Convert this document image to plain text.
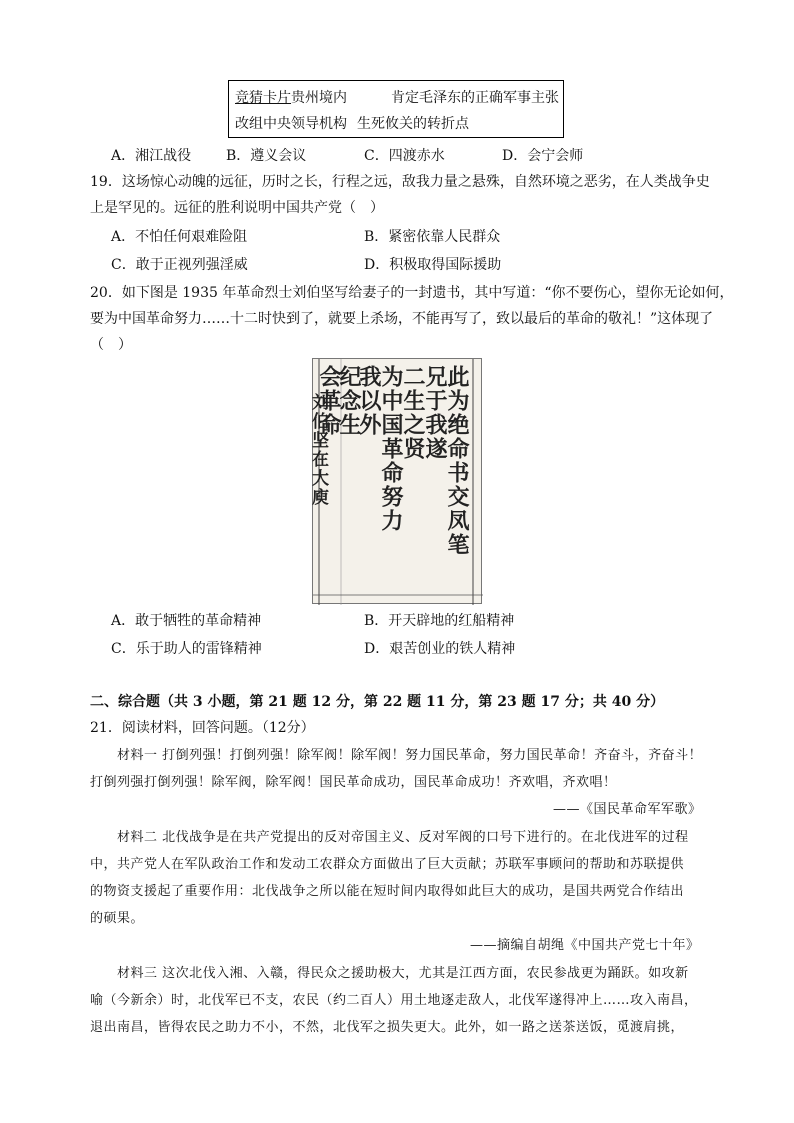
竞猜卡片贵州境内	肯定毛泽东的正确军事主张
改组中央领导机构 生死攸关的转折点
A．湘江战役 B．遵义会议	C．四渡赤水	D．会宁会师
19．这场惊心动魄的远征，历时之长，行程之远，敌我力量之悬殊，自然环境之恶劣，在人类战争史
上是罕见的。远征的胜利说明中国共产党（　）
A．不怕任何艰难险阻	B．紧密依靠人民群众
C．敢于正视列强淫威	D．积极取得国际援助
20．如下图是 1935 年革命烈士刘伯坚写给妻子的一封遗书，其中写道：“你不要伤心，望你无论如何，
要为中国革命努力……十二时快到了，就要上杀场，不能再写了，致以最后的革命的敬礼！”这体现了
（　）
此为绝命书交凤笔
兄于我遂
二生之贤
为中国革命努力
我以外
纪念生
会革命
刘伯坚在大庾
A．敢于牺牲的革命精神	B．开天辟地的红船精神
C．乐于助人的雷锋精神	D．艰苦创业的铁人精神
二、综合题（共 3 小题，第 21 题 12 分，第 22 题 11 分，第 23 题 17 分；共 40 分）
21．阅读材料，回答问题。（12分）
材料一 打倒列强！打倒列强！除军阀！除军阀！努力国民革命，努力国民革命！齐奋斗，齐奋斗！
打倒列强打倒列强！除军阀，除军阀！国民革命成功，国民革命成功！齐欢唱，齐欢唱！
——《国民革命军军歌》
材料二 北伐战争是在共产党提出的反对帝国主义、反对军阀的口号下进行的。在北伐进军的过程
中，共产党人在军队政治工作和发动工农群众方面做出了巨大贡献；苏联军事顾问的帮助和苏联提供
的物资支援起了重要作用：北伐战争之所以能在短时间内取得如此巨大的成功，是国共两党合作结出
的硕果。
——摘编自胡绳《中国共产党七十年》
材料三 这次北伐入湘、入赣，得民众之援助极大，尤其是江西方面，农民参战更为踊跃。如攻新
喻（今新余）时，北伐军已不支，农民（约二百人）用土地逐走敌人，北伐军遂得冲上……攻入南昌，
退出南昌，皆得农民之助力不小，不然，北伐军之损失更大。此外，如一路之送茶送饭，觅渡肩挑，
